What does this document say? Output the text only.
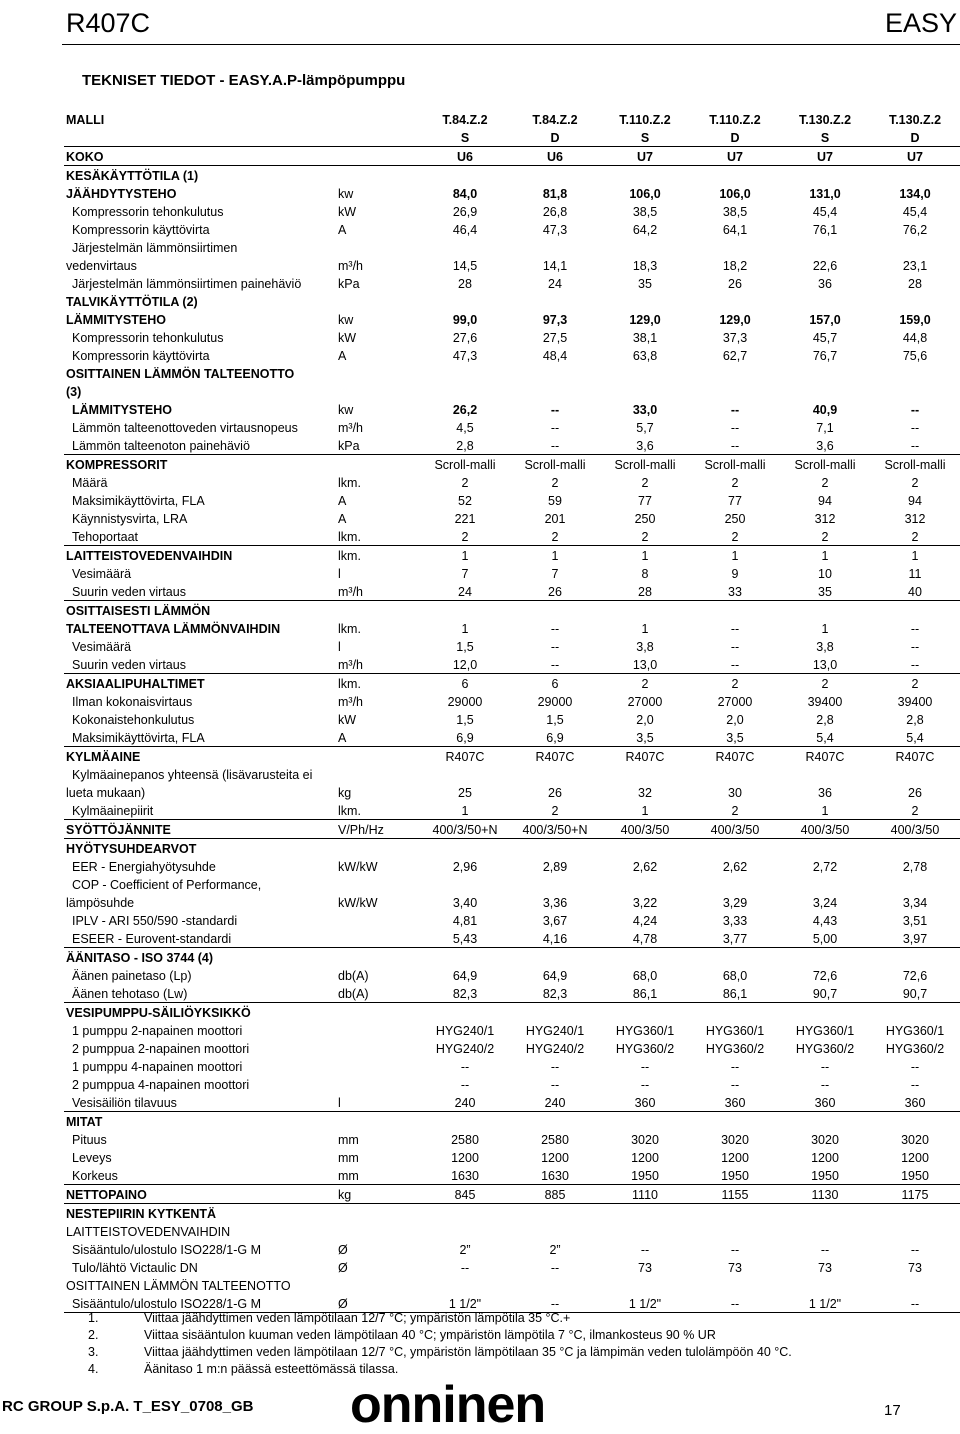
R407C	EASY
TEKNISET TIEDOT - EASY.A.P-lämpöpumppu
MALLI		T.84.Z.2	T.84.Z.2	T.110.Z.2	T.110.Z.2	T.130.Z.2	T.130.Z.2
		S	D	S	D	S	D
KOKO		U6	U6	U7	U7	U7	U7
KESÄKÄYTTÖTILA (1)							
JÄÄHDYTYSTEHO	kw	84,0	81,8	106,0	106,0	131,0	134,0
Kompressorin tehonkulutus	kW	26,9	26,8	38,5	38,5	45,4	45,4
Kompressorin käyttövirta	A	46,4	47,3	64,2	64,1	76,1	76,2
Järjestelmän lämmönsiirtimen							
vedenvirtaus	m³/h	14,5	14,1	18,3	18,2	22,6	23,1
Järjestelmän lämmönsiirtimen painehäviö	kPa	28	24	35	26	36	28
TALVIKÄYTTÖTILA (2)							
LÄMMITYSTEHO	kw	99,0	97,3	129,0	129,0	157,0	159,0
Kompressorin tehonkulutus	kW	27,6	27,5	38,1	37,3	45,7	44,8
Kompressorin käyttövirta	A	47,3	48,4	63,8	62,7	76,7	75,6
OSITTAINEN LÄMMÖN TALTEENOTTO							
(3)							
LÄMMITYSTEHO	kw	26,2	--	33,0	--	40,9	--
Lämmön talteenottoveden virtausnopeus	m³/h	4,5	--	5,7	--	7,1	--
Lämmön talteenoton painehäviö	kPa	2,8	--	3,6	--	3,6	--
KOMPRESSORIT		Scroll-malli	Scroll-malli	Scroll-malli	Scroll-malli	Scroll-malli	Scroll-malli
Määrä	lkm.	2	2	2	2	2	2
Maksimikäyttövirta, FLA	A	52	59	77	77	94	94
Käynnistysvirta, LRA	A	221	201	250	250	312	312
Tehoportaat	lkm.	2	2	2	2	2	2
LAITTEISTOVEDENVAIHDIN	lkm.	1	1	1	1	1	1
Vesimäärä	l	7	7	8	9	10	11
Suurin veden virtaus	m³/h	24	26	28	33	35	40
OSITTAISESTI LÄMMÖN							
TALTEENOTTAVA LÄMMÖNVAIHDIN	lkm.	1	--	1	--	1	--
Vesimäärä	l	1,5	--	3,8	--	3,8	--
Suurin veden virtaus	m³/h	12,0	--	13,0	--	13,0	--
AKSIAALIPUHALTIMET	lkm.	6	6	2	2	2	2
Ilman kokonaisvirtaus	m³/h	29000	29000	27000	27000	39400	39400
Kokonaistehonkulutus	kW	1,5	1,5	2,0	2,0	2,8	2,8
Maksimikäyttövirta, FLA	A	6,9	6,9	3,5	3,5	5,4	5,4
KYLMÄAINE		R407C	R407C	R407C	R407C	R407C	R407C
Kylmäainepanos yhteensä (lisävarusteita ei							
lueta mukaan)	kg	25	26	32	30	36	26
Kylmäainepiirit	lkm.	1	2	1	2	1	2
SYÖTTÖJÄNNITE	V/Ph/Hz	400/3/50+N	400/3/50+N	400/3/50	400/3/50	400/3/50	400/3/50
HYÖTYSUHDEARVOT							
EER - Energiahyötysuhde	kW/kW	2,96	2,89	2,62	2,62	2,72	2,78
COP - Coefficient of Performance,							
lämpösuhde	kW/kW	3,40	3,36	3,22	3,29	3,24	3,34
IPLV - ARI 550/590 -standardi		4,81	3,67	4,24	3,33	4,43	3,51
ESEER - Eurovent-standardi		5,43	4,16	4,78	3,77	5,00	3,97
ÄÄNITASO - ISO 3744 (4)							
Äänen painetaso (Lp)	db(A)	64,9	64,9	68,0	68,0	72,6	72,6
Äänen tehotaso (Lw)	db(A)	82,3	82,3	86,1	86,1	90,7	90,7
VESIPUMPPU-SÄILIÖYKSIKKÖ							
1 pumppu 2-napainen moottori		HYG240/1	HYG240/1	HYG360/1	HYG360/1	HYG360/1	HYG360/1
2 pumppua 2-napainen moottori		HYG240/2	HYG240/2	HYG360/2	HYG360/2	HYG360/2	HYG360/2
1 pumppu 4-napainen moottori		--	--	--	--	--	--
2 pumppua 4-napainen moottori		--	--	--	--	--	--
Vesisäiliön tilavuus	l	240	240	360	360	360	360
MITAT							
Pituus	mm	2580	2580	3020	3020	3020	3020
Leveys	mm	1200	1200	1200	1200	1200	1200
Korkeus	mm	1630	1630	1950	1950	1950	1950
NETTOPAINO	kg	845	885	1110	1155	1130	1175
NESTEPIIRIN KYTKENTÄ							
LAITTEISTOVEDENVAIHDIN							
Sisääntulo/ulostulo ISO228/1-G M	Ø	2”	2”	--	--	--	--
Tulo/lähtö Victaulic DN	Ø	--	--	73	73	73	73
OSITTAINEN LÄMMÖN TALTEENOTTO							
Sisääntulo/ulostulo ISO228/1-G M	Ø	1 1/2"	--	1 1/2"	--	1 1/2"	--
1.	Viittaa jäähdyttimen veden lämpötilaan 12/7 °C; ympäristön lämpötila 35 °C.+
2.	Viittaa sisääntulon kuuman veden lämpötilaan 40 °C; ympäristön lämpötila 7 °C, ilmankosteus 90 % UR
3.	Viittaa jäähdyttimen veden lämpötilaan 12/7 °C, ympäristön lämpötilaan 35 °C ja lämpimän veden tulolämpöön 40 °C.
4.	Äänitaso 1 m:n päässä esteettömässä tilassa.
RC GROUP S.p.A. T_ESY_0708_GB onninen	17
